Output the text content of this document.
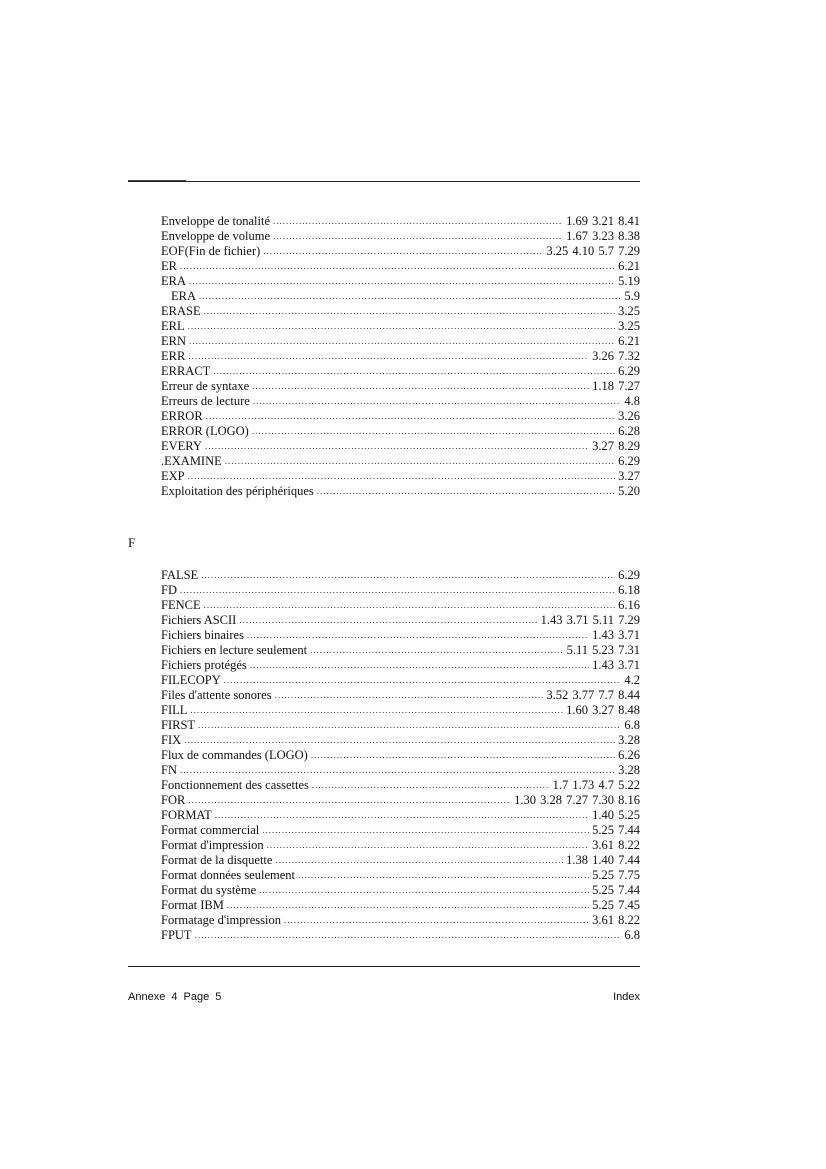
Enveloppe de tonalité .....	1.69 3.21 8.41
Enveloppe de volume .....	1.67 3.23 8.38
EOF(Fin de fichier) .....	3.25 4.10 5.7 7.29
ER .....	6.21
ERA .....	5.19
ERA .....	5.9
ERASE .....	3.25
ERL .....	3.25
ERN .....	6.21
ERR .....	3.26 7.32
ERRACT .....	6.29
Erreur de syntaxe .....	1.18 7.27
Erreurs de lecture .....	4.8
ERROR .....	3.26
ERROR (LOGO) .....	6.28
EVERY .....	3.27 8.29
.EXAMINE .....	6.29
EXP .....	3.27
Exploitation des périphériques .....	5.20
F
FALSE .....	6.29
FD .....	6.18
FENCE .....	6.16
Fichiers ASCII .....	1.43 3.71 5.11 7.29
Fichiers binaires .....	1.43 3.71
Fichiers en lecture seulement .....	5.11 5.23 7.31
Fichiers protégés .....	1.43 3.71
FILECOPY .....	4.2
Files d'attente sonores .....	3.52 3.77 7.7 8.44
FILL .....	1.60 3.27 8.48
FIRST .....	6.8
FIX .....	3.28
Flux de commandes (LOGO) .....	6.26
FN .....	3.28
Fonctionnement des cassettes .....	1.7 1.73 4.7 5.22
FOR .....	1.30 3.28 7.27 7.30 8.16
FORMAT .....	1.40 5.25
Format commercial .....	5.25 7.44
Format d'impression .....	3.61 8.22
Format de la disquette .....	1.38 1.40 7.44
Format données seulement .....	5.25 7.75
Format du système .....	5.25 7.44
Format IBM .....	5.25 7.45
Formatage d'impression .....	3.61 8.22
FPUT .....	6.8
Annexe 4 Page 5	Index
